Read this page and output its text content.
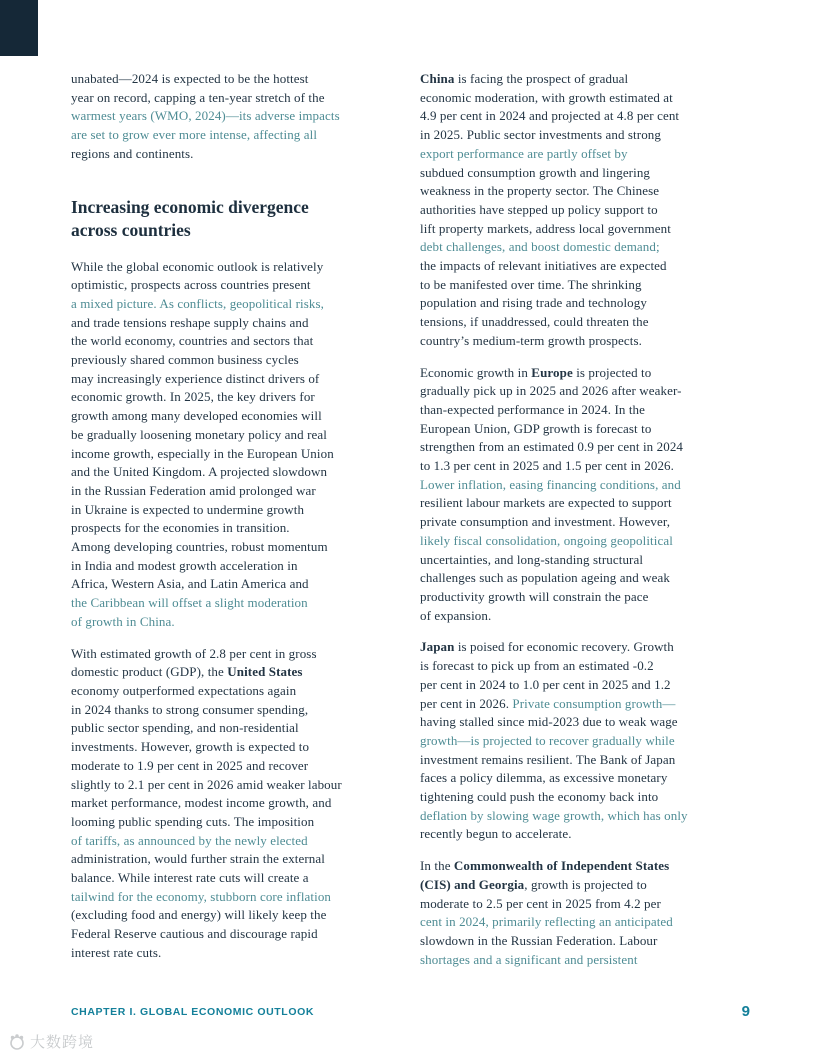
unabated—2024 is expected to be the hottest
year on record, capping a ten-year stretch of the
warmest years (WMO, 2024)—its adverse impacts
are set to grow ever more intense, affecting all
regions and continents.
Increasing economic divergence
across countries
While the global economic outlook is relatively
optimistic, prospects across countries present
a mixed picture. As conflicts, geopolitical risks,
and trade tensions reshape supply chains and
the world economy, countries and sectors that
previously shared common business cycles
may increasingly experience distinct drivers of
economic growth. In 2025, the key drivers for
growth among many developed economies will
be gradually loosening monetary policy and real
income growth, especially in the European Union
and the United Kingdom. A projected slowdown
in the Russian Federation amid prolonged war
in Ukraine is expected to undermine growth
prospects for the economies in transition.
Among developing countries, robust momentum
in India and modest growth acceleration in
Africa, Western Asia, and Latin America and
the Caribbean will offset a slight moderation
of growth in China.
With estimated growth of 2.8 per cent in gross
domestic product (GDP), the United States
economy outperformed expectations again
in 2024 thanks to strong consumer spending,
public sector spending, and non-residential
investments. However, growth is expected to
moderate to 1.9 per cent in 2025 and recover
slightly to 2.1 per cent in 2026 amid weaker labour
market performance, modest income growth, and
looming public spending cuts. The imposition
of tariffs, as announced by the newly elected
administration, would further strain the external
balance. While interest rate cuts will create a
tailwind for the economy, stubborn core inflation
(excluding food and energy) will likely keep the
Federal Reserve cautious and discourage rapid
interest rate cuts.
China is facing the prospect of gradual
economic moderation, with growth estimated at
4.9 per cent in 2024 and projected at 4.8 per cent
in 2025. Public sector investments and strong
export performance are partly offset by
subdued consumption growth and lingering
weakness in the property sector. The Chinese
authorities have stepped up policy support to
lift property markets, address local government
debt challenges, and boost domestic demand;
the impacts of relevant initiatives are expected
to be manifested over time. The shrinking
population and rising trade and technology
tensions, if unaddressed, could threaten the
country’s medium-term growth prospects.
Economic growth in Europe is projected to
gradually pick up in 2025 and 2026 after weaker-
than-expected performance in 2024. In the
European Union, GDP growth is forecast to
strengthen from an estimated 0.9 per cent in 2024
to 1.3 per cent in 2025 and 1.5 per cent in 2026.
Lower inflation, easing financing conditions, and
resilient labour markets are expected to support
private consumption and investment. However,
likely fiscal consolidation, ongoing geopolitical
uncertainties, and long-standing structural
challenges such as population ageing and weak
productivity growth will constrain the pace
of expansion.
Japan is poised for economic recovery. Growth
is forecast to pick up from an estimated -0.2
per cent in 2024 to 1.0 per cent in 2025 and 1.2
per cent in 2026. Private consumption growth—
having stalled since mid-2023 due to weak wage
growth—is projected to recover gradually while
investment remains resilient. The Bank of Japan
faces a policy dilemma, as excessive monetary
tightening could push the economy back into
deflation by slowing wage growth, which has only
recently begun to accelerate.
In the Commonwealth of Independent States
(CIS) and Georgia, growth is projected to
moderate to 2.5 per cent in 2025 from 4.2 per
cent in 2024, primarily reflecting an anticipated
slowdown in the Russian Federation. Labour
shortages and a significant and persistent
CHAPTER I. GLOBAL ECONOMIC OUTLOOK	9
大数跨境
